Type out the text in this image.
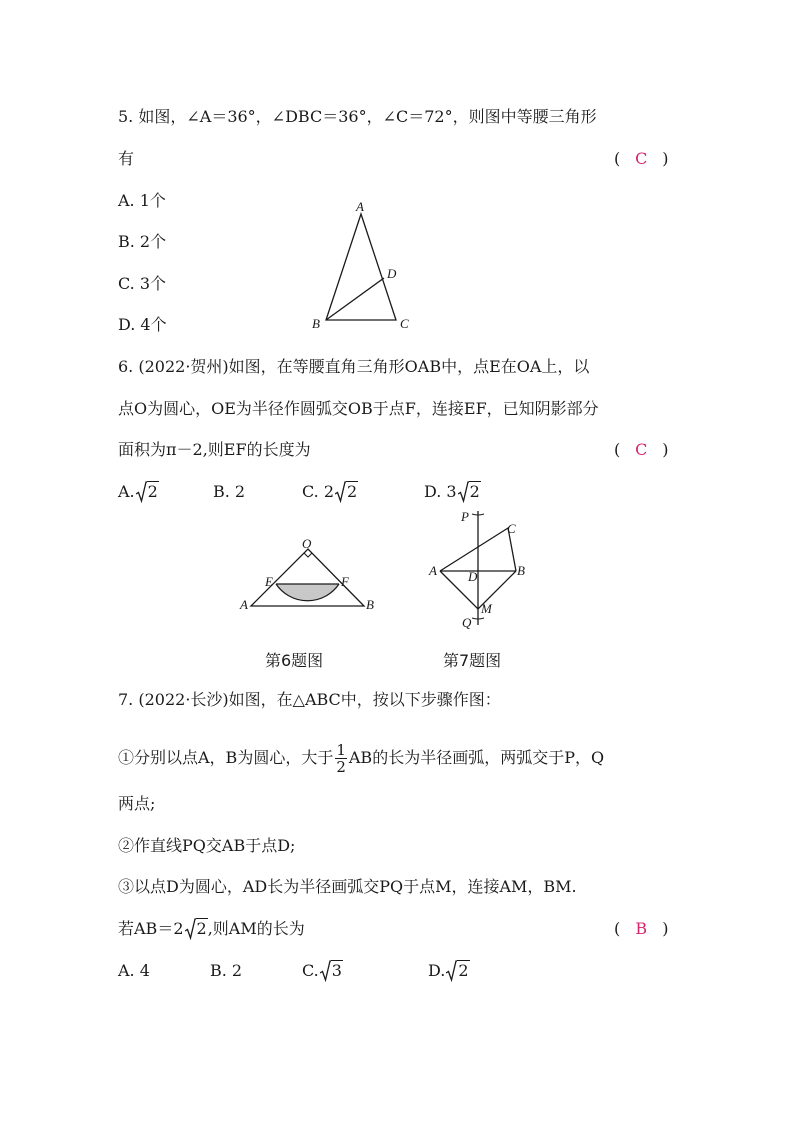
5. 如图，∠A＝36°，∠DBC＝36°，∠C＝72°，则图中等腰三角形
有	( C )
A. 1个
B. 2个
C. 3个
D. 4个
A
B	C
D
6. (2022·贺州)如图，在等腰直角三角形OAB中，点E在OA上，以
点O为圆心，OE为半径作圆弧交OB于点F，连接EF，已知阴影部分
面积为π－2,则EF的长度为	( C )
A. 2	B. 2	C. 2 2	D. 3 2
O
E	F
A	B
第6题图
P
C
A D	B
M
Q
第7题图
7. (2022·长沙)如图，在△ABC中，按以下步骤作图：
①分别以点A，B为圆心，大于 $\frac{1}{2}$ AB的长为半径画弧，两弧交于P，Q
两点;
②作直线PQ交AB于点D;
③以点D为圆心，AD长为半径画弧交PQ于点M，连接AM，BM.
若AB＝2 2,则AM的长为	( B )
A. 4	B. 2	C. 3	D. 2
